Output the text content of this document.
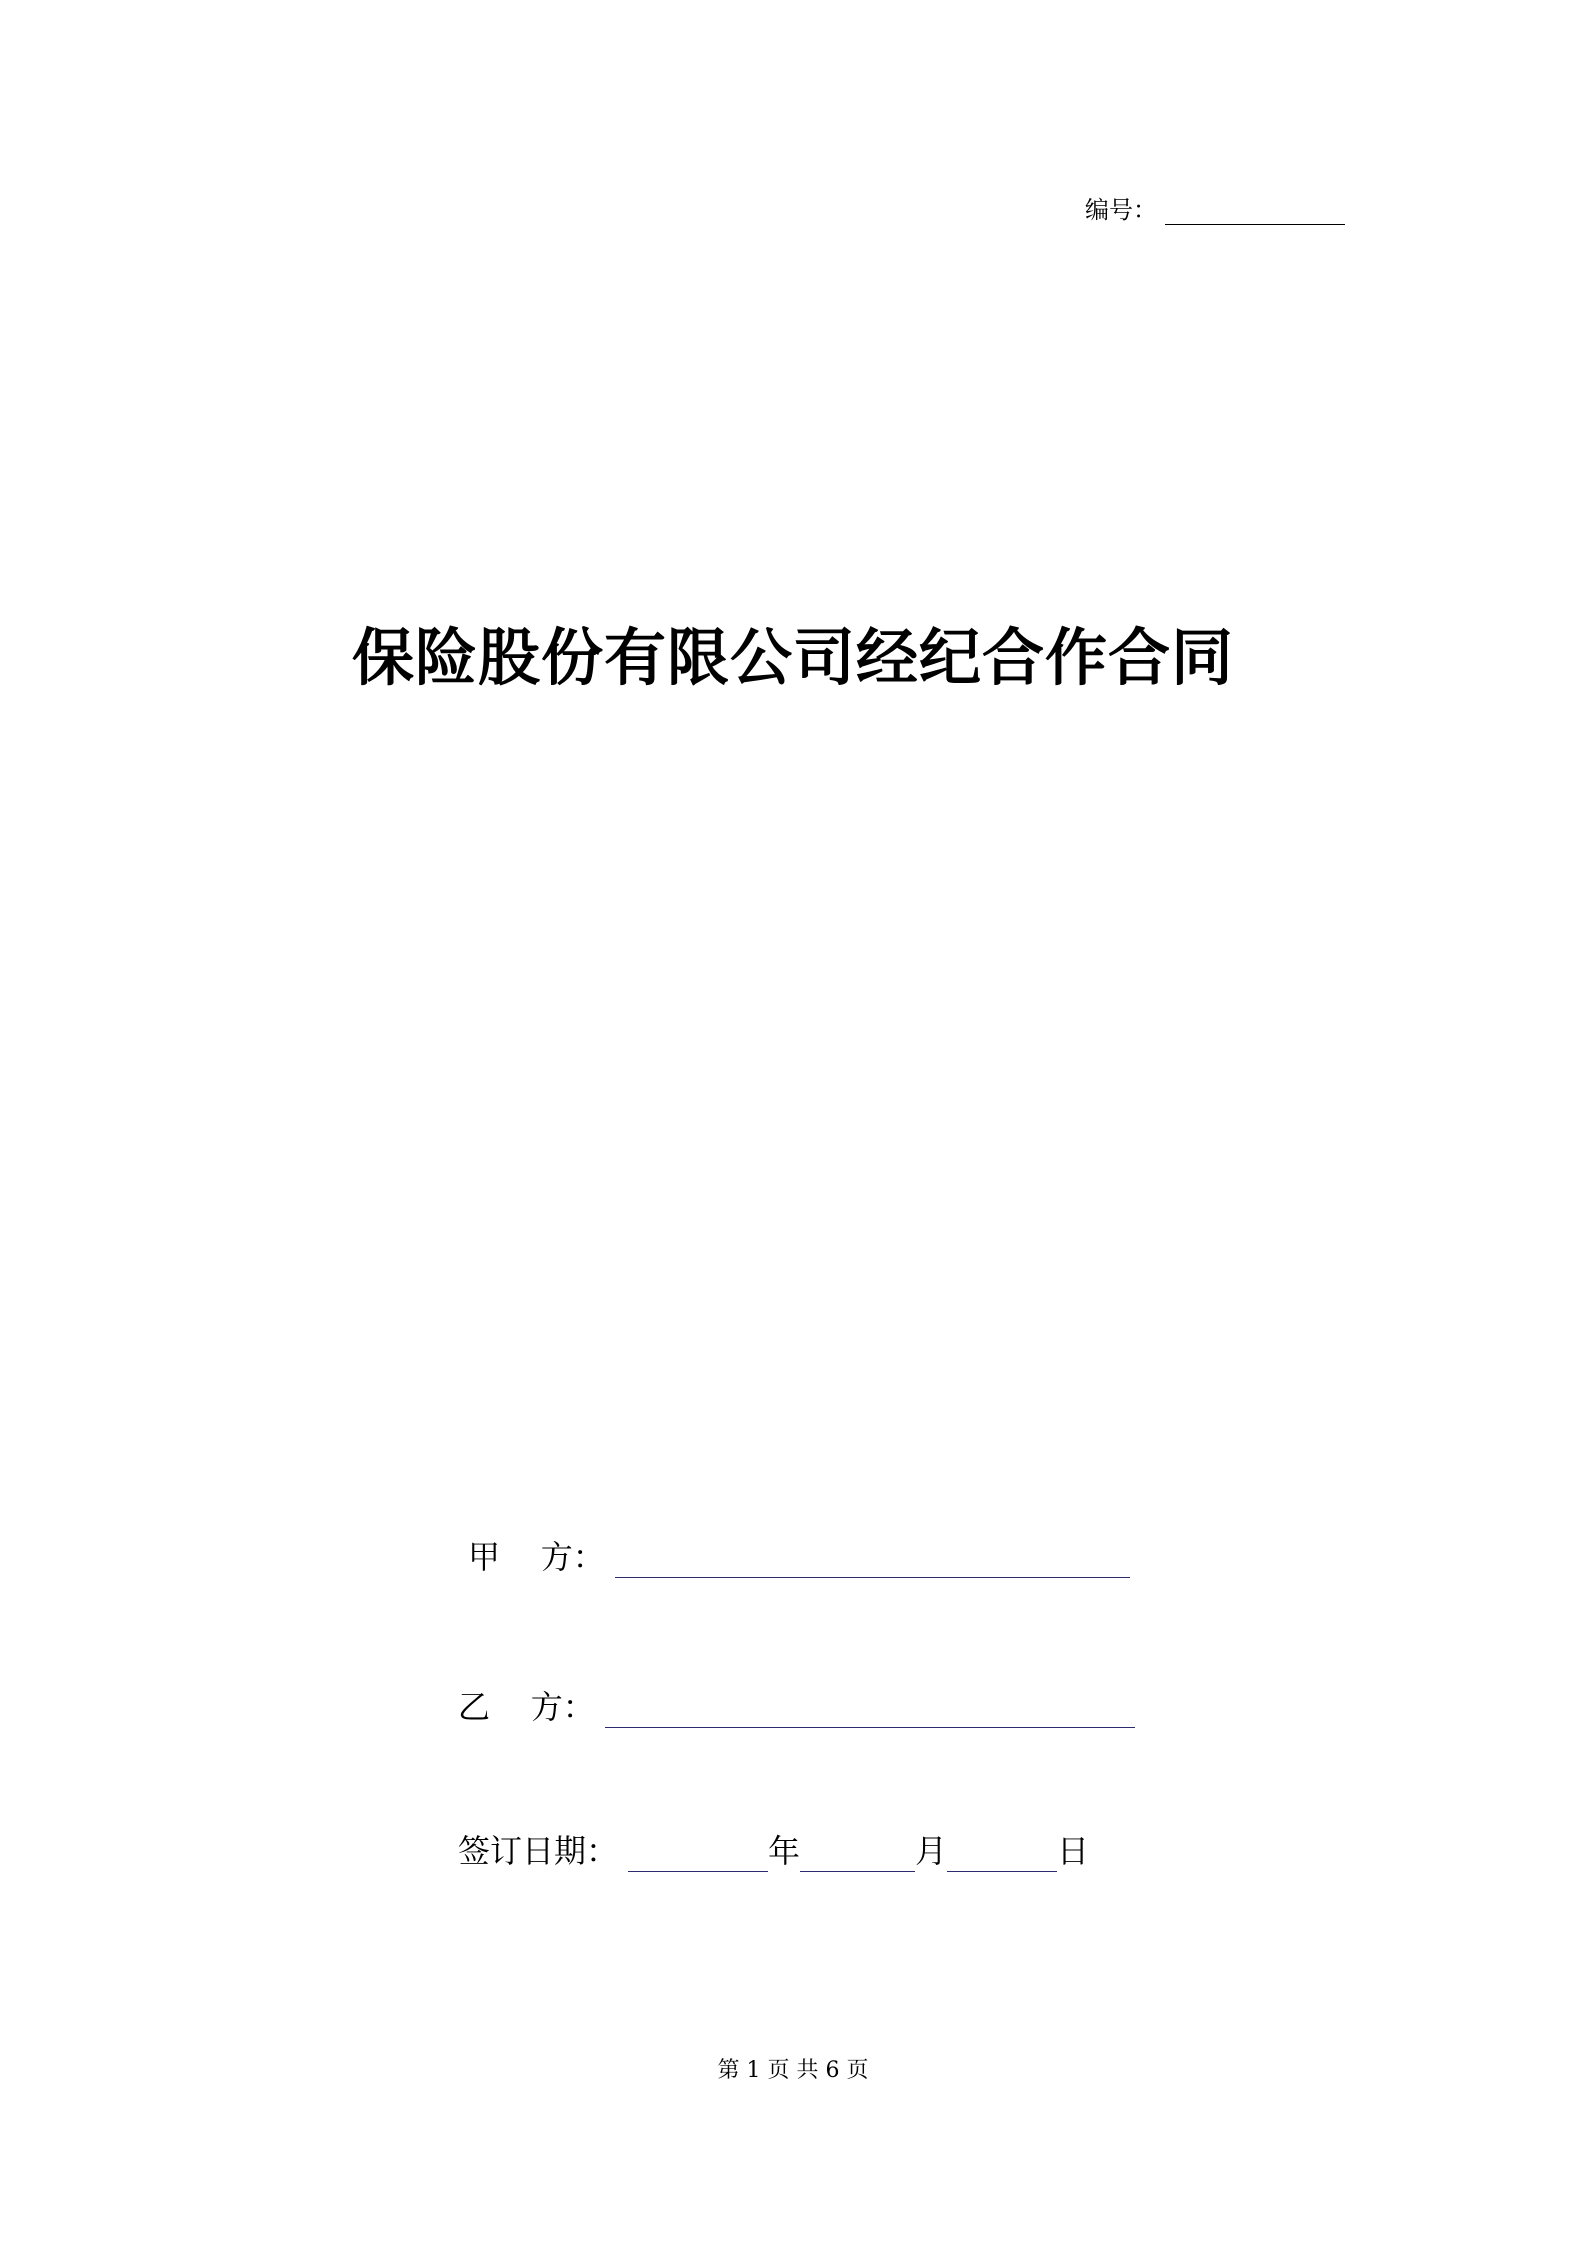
编号：
保险股份有限公司经纪合作合同
甲    方：
乙    方：
签订日期：	年	月	日
第 1 页 共 6 页
